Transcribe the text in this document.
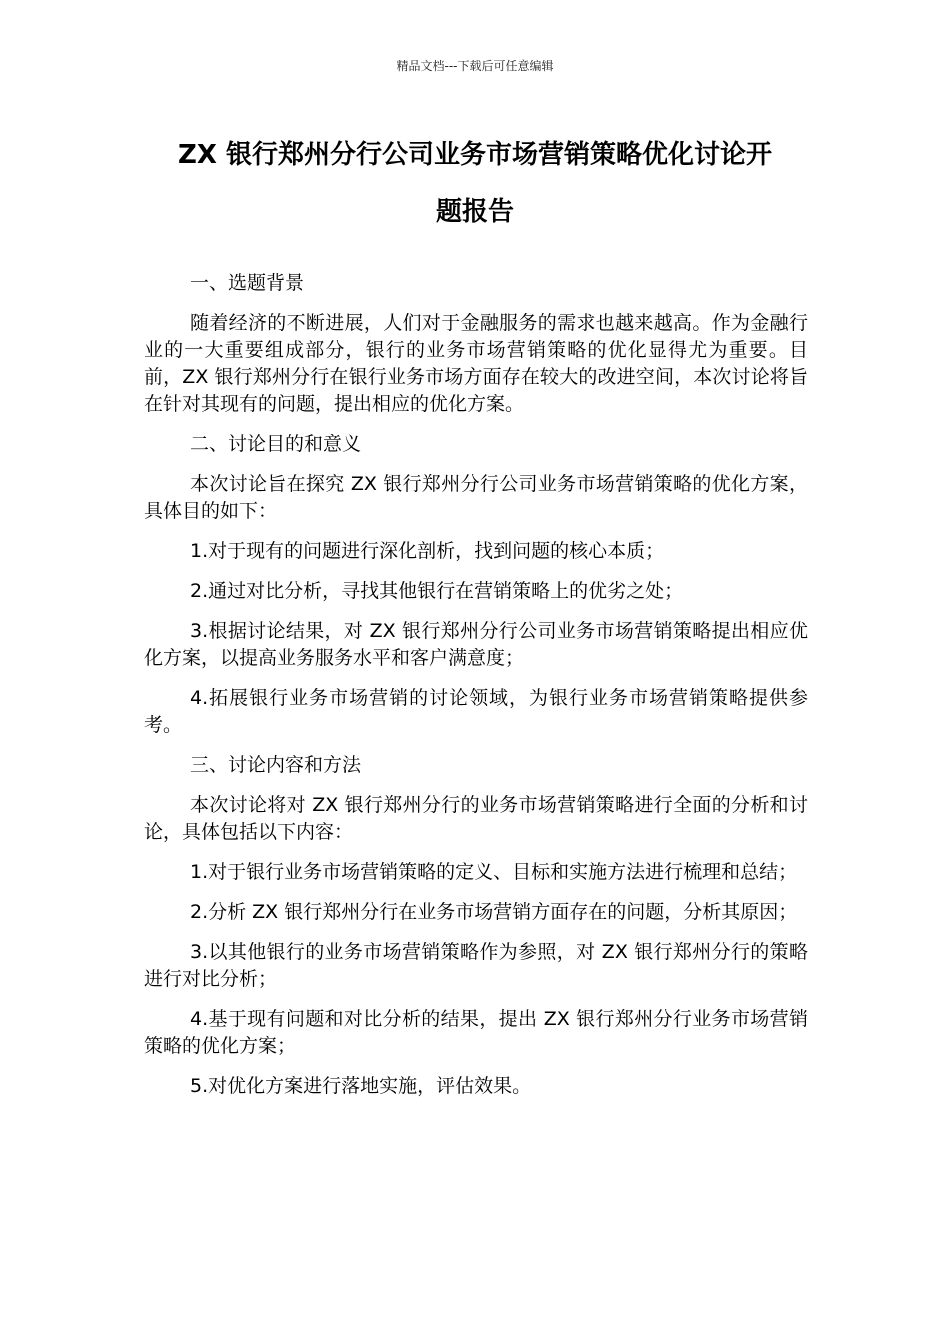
精品文档---下载后可任意编辑
ZX 银行郑州分行公司业务市场营销策略优化讨论开
题报告

一、选题背景

随着经济的不断进展，人们对于金融服务的需求也越来越高。作为金融行业的一大重要组成部分，银行的业务市场营销策略的优化显得尤为重要。目前，ZX 银行郑州分行在银行业务市场方面存在较大的改进空间，本次讨论将旨在针对其现有的问题，提出相应的优化方案。

二、讨论目的和意义

本次讨论旨在探究 ZX 银行郑州分行公司业务市场营销策略的优化方案，具体目的如下：

1.对于现有的问题进行深化剖析，找到问题的核心本质；

2.通过对比分析，寻找其他银行在营销策略上的优劣之处；

3.根据讨论结果，对 ZX 银行郑州分行公司业务市场营销策略提出相应优化方案，以提高业务服务水平和客户满意度；

4.拓展银行业务市场营销的讨论领域，为银行业务市场营销策略提供参考。

三、讨论内容和方法

本次讨论将对 ZX 银行郑州分行的业务市场营销策略进行全面的分析和讨论，具体包括以下内容：

1.对于银行业务市场营销策略的定义、目标和实施方法进行梳理和总结；

2.分析 ZX 银行郑州分行在业务市场营销方面存在的问题，分析其原因；

3.以其他银行的业务市场营销策略作为参照，对 ZX 银行郑州分行的策略进行对比分析；

4.基于现有问题和对比分析的结果，提出 ZX 银行郑州分行业务市场营销策略的优化方案；

5.对优化方案进行落地实施，评估效果。
